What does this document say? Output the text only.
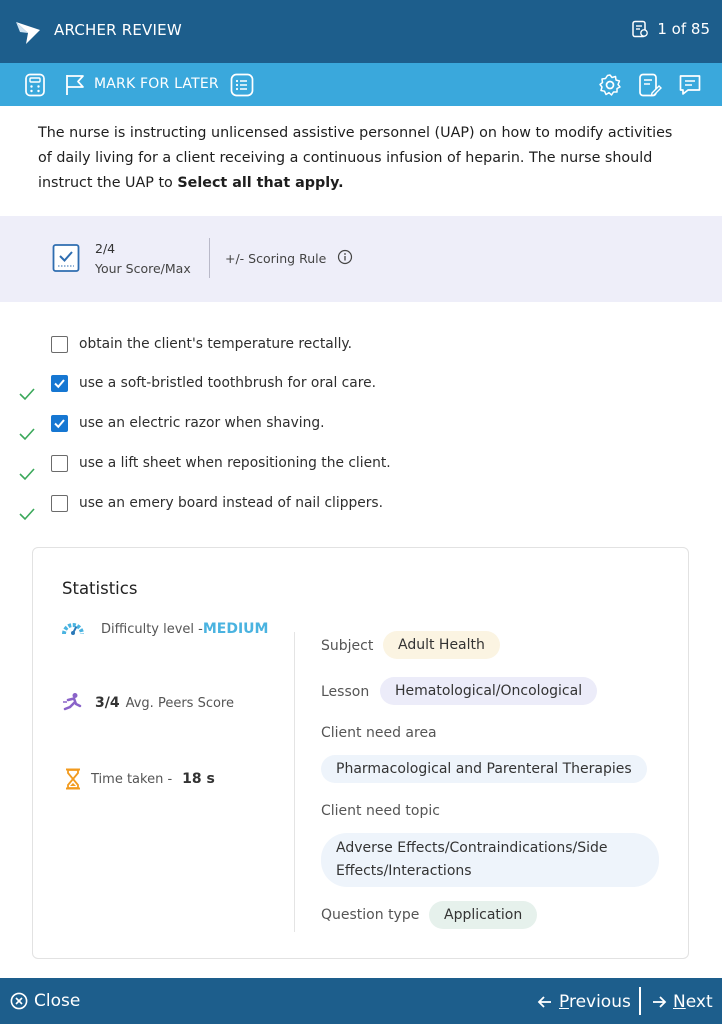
ARCHER REVIEW	1 of 85
MARK FOR LATER
The nurse is instructing unlicensed assistive personnel (UAP) on how to modify activities of daily living for a client receiving a continuous infusion of heparin. The nurse should instruct the UAP to Select all that apply.
2/4
Your Score/Max
+/- Scoring Rule
obtain the client's temperature rectally.
use a soft-bristled toothbrush for oral care.
use an electric razor when shaving.
use a lift sheet when repositioning the client.
use an emery board instead of nail clippers.
Statistics
Difficulty level - MEDIUM
3/4 Avg. Peers Score
Time taken - 18 s
Subject	Adult Health
Lesson	Hematological/Oncological
Client need area
Pharmacological and Parenteral Therapies
Client need topic
Adverse Effects/Contraindications/Side Effects/Interactions
Question type	Application
Close	Previous Next
